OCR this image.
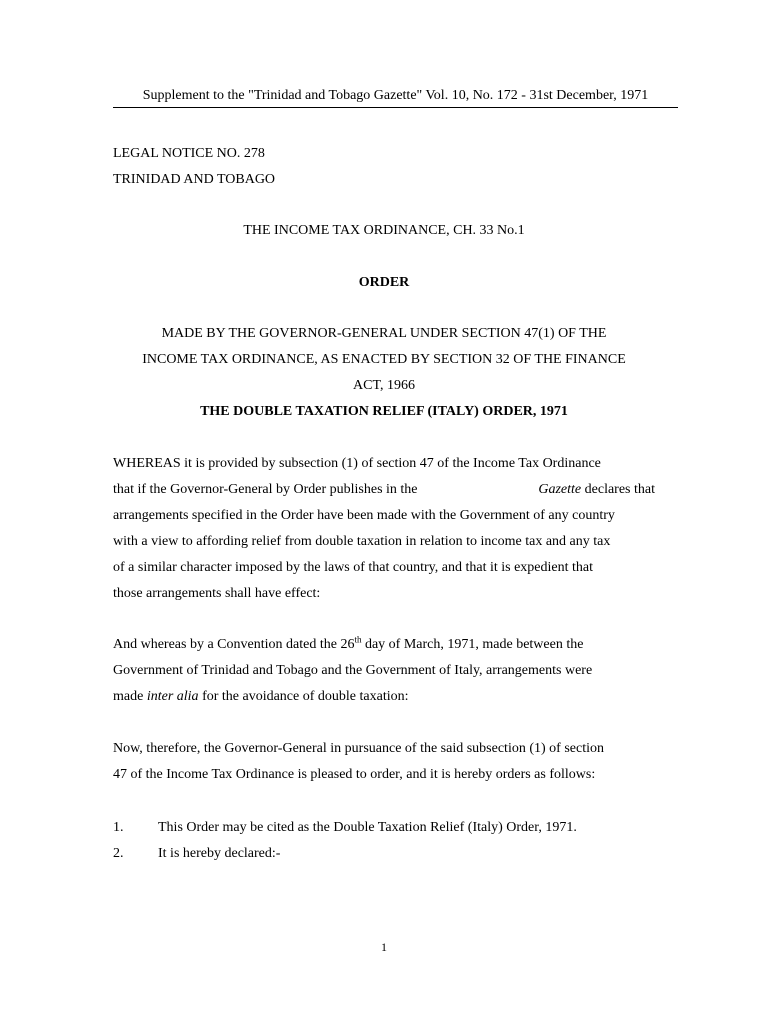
Supplement to the "Trinidad and Tobago Gazette" Vol. 10, No. 172 - 31st December, 1971
LEGAL NOTICE NO. 278
TRINIDAD AND TOBAGO
THE INCOME TAX ORDINANCE, CH. 33 No.1
ORDER
MADE BY THE GOVERNOR-GENERAL UNDER SECTION 47(1) OF THE
INCOME TAX ORDINANCE, AS ENACTED BY SECTION 32 OF THE FINANCE
ACT, 1966
THE DOUBLE TAXATION RELIEF (ITALY) ORDER, 1971
WHEREAS it is provided by subsection (1) of section 47 of the Income Tax Ordinance
that if the Governor-General by Order publishes in the	Gazette declares that
arrangements specified in the Order have been made with the Government of any country
with a view to affording relief from double taxation in relation to income tax and any tax
of a similar character imposed by the laws of that country, and that it is expedient that
those arrangements shall have effect:
And whereas by a Convention dated the 26th day of March, 1971, made between the
Government of Trinidad and Tobago and the Government of Italy, arrangements were
made inter alia for the avoidance of double taxation:
Now, therefore, the Governor-General in pursuance of the said subsection (1) of section
47 of the Income Tax Ordinance is pleased to order, and it is hereby orders as follows:
1. This Order may be cited as the Double Taxation Relief (Italy) Order, 1971.
2. It is hereby declared:-
1
